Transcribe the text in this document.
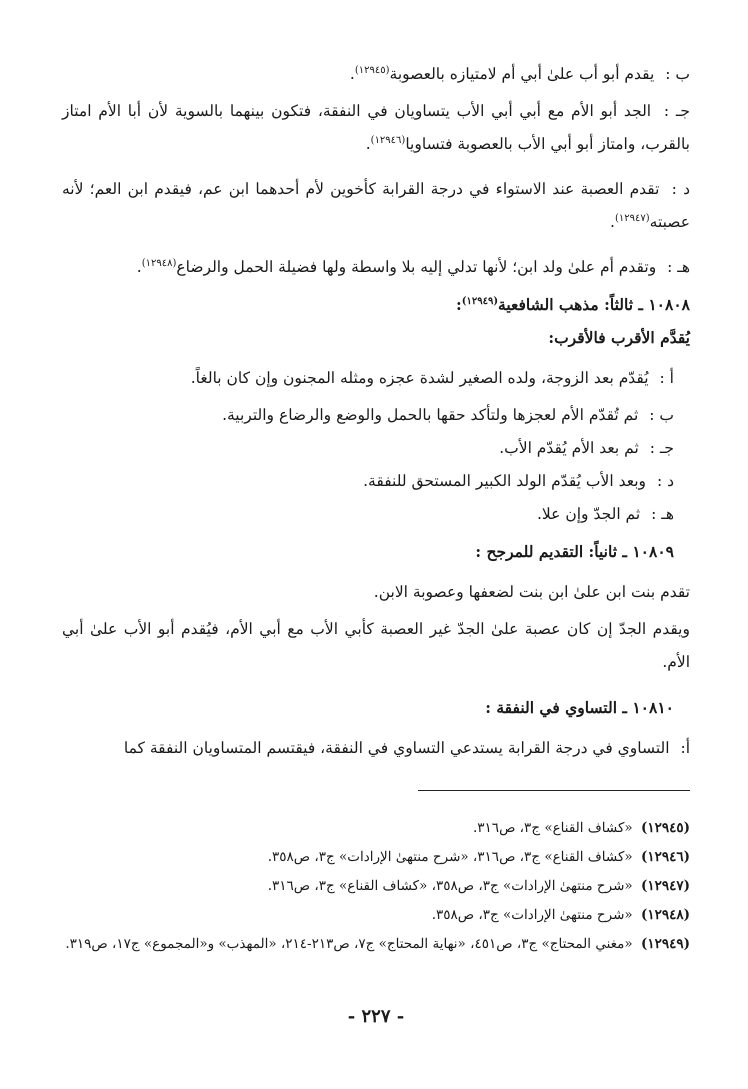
ب : يقدم أبو أب علىٰ أبي أم لامتيازه بالعصوبة$^{(١٢٩٤٥)}$.

جـ : الجد أبو الأم مع أبي أبي الأب يتساويان في النفقة، فتكون بينهما بالسوية لأن أبا الأم امتاز بالقرب، وامتاز أبو أبي الأب بالعصوبة فتساويا$^{(١٢٩٤٦)}$.

د : تقدم العصبة عند الاستواء في درجة القرابة كأخوين لأم أحدهما ابن عم، فيقدم ابن العم؛ لأنه عصبته$^{(١٢٩٤٧)}$.

هـ : وتقدم أم علىٰ ولد ابن؛ لأنها تدلي إليه بلا واسطة ولها فضيلة الحمل والرضاع$^{(١٢٩٤٨)}$.

١٠٨٠٨ ـ ثالثاً: مذهب الشافعية$^{(١٢٩٤٩)}$:

يُقدَّم الأقرب فالأقرب:

أ : يُقدّم بعد الزوجة، ولده الصغير لشدة عجزه ومثله المجنون وإن كان بالغاً.

ب : ثم تُقدّم الأم لعجزها ولتأكد حقها بالحمل والوضع والرضاع والتربية.

جـ : ثم بعد الأم يُقدّم الأب.

د : وبعد الأب يُقدّم الولد الكبير المستحق للنفقة.

هـ : ثم الجدّ وإن علا.

١٠٨٠٩ ـ ثانياً: التقديم للمرجح :

تقدم بنت ابن علىٰ ابن بنت لضعفها وعصوبة الابن.

ويقدم الجدّ إن كان عصبة علىٰ الجدّ غير العصبة كأبي الأب مع أبي الأم، فيُقدم أبو الأب علىٰ أبي الأم.

١٠٨١٠ ـ التساوي في النفقة :

أ: التساوي في درجة القرابة يستدعي التساوي في النفقة، فيقتسم المتساويان النفقة كما

(١٢٩٤٥) «كشاف القناع» ج٣، ص٣١٦.

(١٢٩٤٦) «كشاف القناع» ج٣، ص٣١٦، «شرح منتهىٰ الإرادات» ج٣، ص٣٥٨.

(١٢٩٤٧) «شرح منتهىٰ الإرادات» ج٣، ص٣٥٨، «كشاف القناع» ج٣، ص٣١٦.

(١٢٩٤٨) «شرح منتهىٰ الإرادات» ج٣، ص٣٥٨.

(١٢٩٤٩) «مغني المحتاج» ج٣، ص٤٥١، «نهاية المحتاج» ج٧، ص٢١٣-٢١٤، «المهذب» و«المجموع» ج١٧، ص٣١٩.

- ٢٢٧ -
